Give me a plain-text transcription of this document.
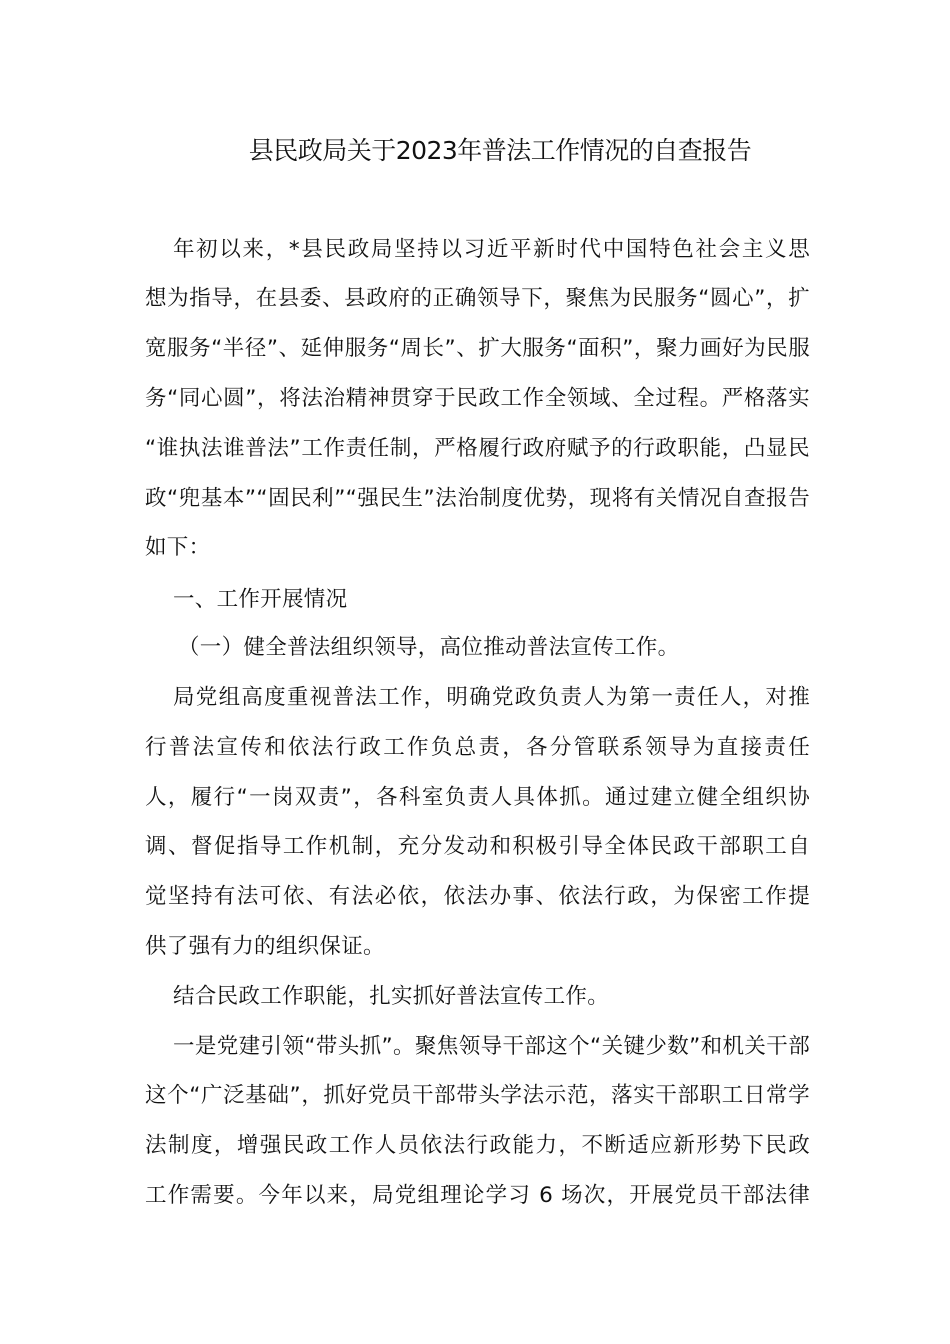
县民政局关于2023年普法工作情况的自查报告
年初以来，*县民政局坚持以习近平新时代中国特色社会主义思
想为指导，在县委、县政府的正确领导下，聚焦为民服务“圆心”，扩
宽服务“半径”、延伸服务“周长”、扩大服务“面积”，聚力画好为民服
务“同心圆”，将法治精神贯穿于民政工作全领域、全过程。严格落实
“谁执法谁普法”工作责任制，严格履行政府赋予的行政职能，凸显民
政“兜基本”“固民利”“强民生”法治制度优势，现将有关情况自查报告
如下：
一、工作开展情况
（一）健全普法组织领导，高位推动普法宣传工作。
局党组高度重视普法工作，明确党政负责人为第一责任人，对推
行普法宣传和依法行政工作负总责，各分管联系领导为直接责任
人，履行“一岗双责”，各科室负责人具体抓。通过建立健全组织协
调、督促指导工作机制，充分发动和积极引导全体民政干部职工自
觉坚持有法可依、有法必依，依法办事、依法行政，为保密工作提
供了强有力的组织保证。
结合民政工作职能，扎实抓好普法宣传工作。
一是党建引领“带头抓”。聚焦领导干部这个“关键少数”和机关干部
这个“广泛基础”，抓好党员干部带头学法示范，落实干部职工日常学
法制度，增强民政工作人员依法行政能力，不断适应新形势下民政
工作需要。今年以来，局党组理论学习 6 场次，开展党员干部法律
